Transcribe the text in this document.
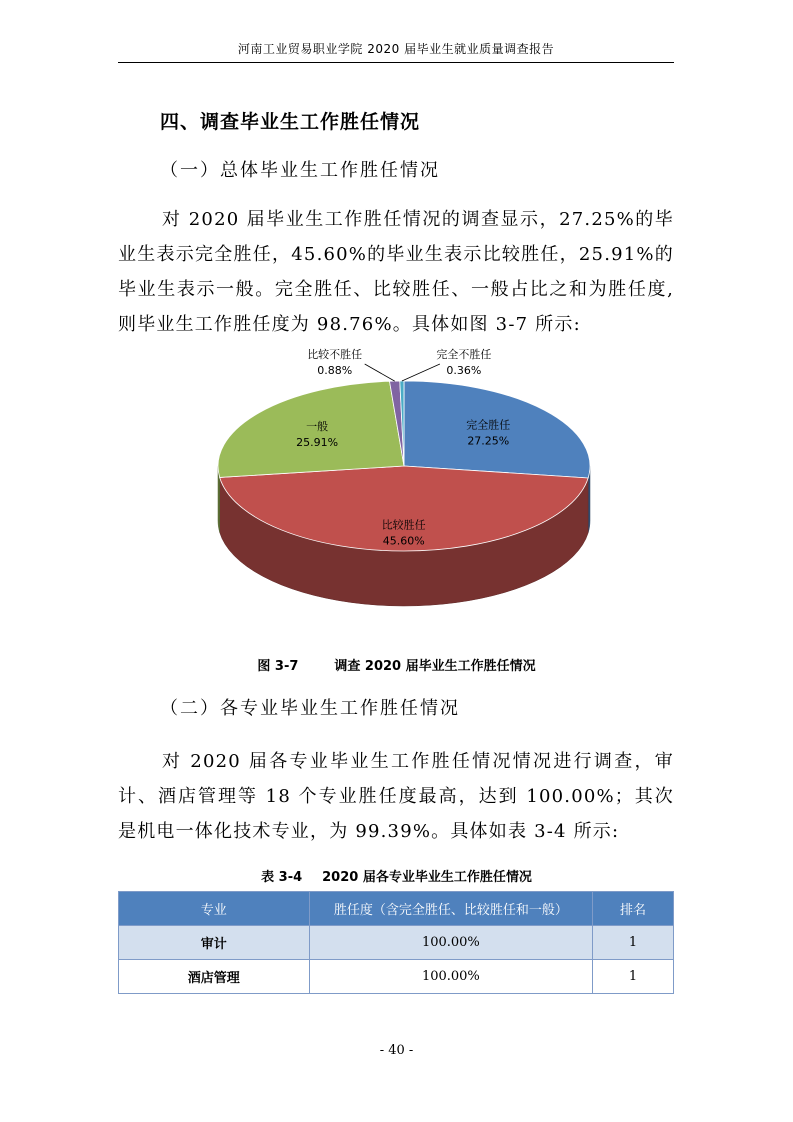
河南工业贸易职业学院 2020 届毕业生就业质量调查报告
四、调查毕业生工作胜任情况
（一）总体毕业生工作胜任情况
对 2020 届毕业生工作胜任情况的调查显示，27.25%的毕业生表示完全胜任，45.60%的毕业生表示比较胜任，25.91%的毕业生表示一般。完全胜任、比较胜任、一般占比之和为胜任度,则毕业生工作胜任度为 98.76%。具体如图 3-7 所示:
完全胜任
27.25%
比较胜任
45.60%
一般
25.91%
比较不胜任
0.88%
完全不胜任
0.36%
图 3-7	调查 2020 届毕业生工作胜任情况
（二）各专业毕业生工作胜任情况
对 2020 届各专业毕业生工作胜任情况情况进行调查，审计、酒店管理等 18 个专业胜任度最高，达到 100.00%；其次是机电一体化技术专业，为 99.39%。具体如表 3-4 所示:
表 3-4 2020 届各专业毕业生工作胜任情况
专业	胜任度（含完全胜任、比较胜任和一般）	排名
审计	100.00%	1
酒店管理	100.00%	1
- 40 -
